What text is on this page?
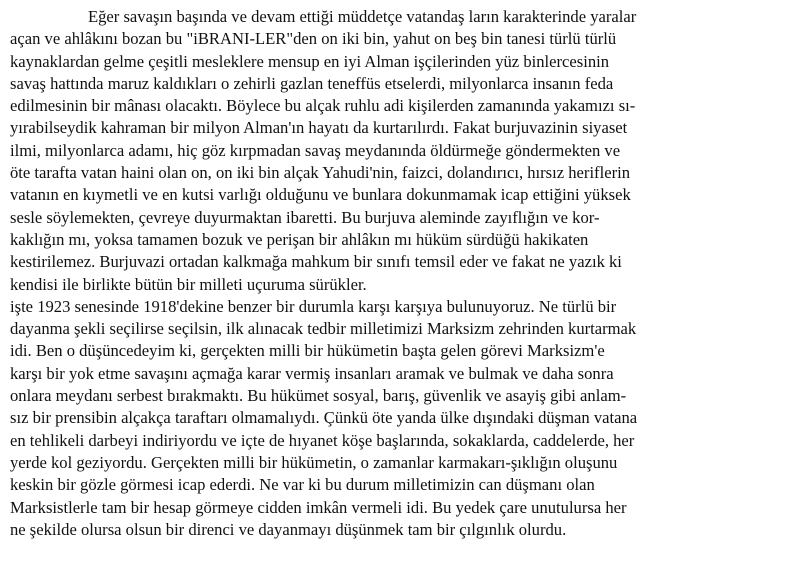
Eğer savaşın başında ve devam ettiği müddetçe vatandaş ların karakterinde yaralar
açan ve ahlâkını bozan bu "iBRANI-LER"den on iki bin, yahut on beş bin tanesi türlü türlü
kaynaklardan gelme çeşitli mesleklere mensup en iyi Alman işçilerinden yüz binlercesinin
savaş hattında maruz kaldıkları o zehirli gazlan teneffüs etselerdi, milyonlarca insanın feda
edilmesinin bir mânası olacaktı. Böylece bu alçak ruhlu adi kişilerden zamanında yakamızı sı-
yırabilseydik kahraman bir milyon Alman'ın hayatı da kurtarılırdı. Fakat burjuvazinin siyaset
ilmi, milyonlarca adamı, hiç göz kırpmadan savaş meydanında öldürmeğe göndermekten ve
öte tarafta vatan haini olan on, on iki bin alçak Yahudi'nin, faizci, dolandırıcı, hırsız heriflerin
vatanın en kıymetli ve en kutsi varlığı olduğunu ve bunlara dokunmamak icap ettiğini yüksek
sesle söylemekten, çevreye duyurmaktan ibaretti. Bu burjuva aleminde zayıflığın ve kor-
kaklığın mı, yoksa tamamen bozuk ve perişan bir ahlâkın mı hüküm sürdüğü hakikaten
kestirilemez. Burjuvazi ortadan kalkmağa mahkum bir sınıfı temsil eder ve fakat ne yazık ki
kendisi ile birlikte bütün bir milleti uçuruma sürükler.
işte 1923 senesinde 1918'dekine benzer bir durumla karşı karşıya bulunuyoruz. Ne türlü bir
dayanma şekli seçilirse seçilsin, ilk alınacak tedbir milletimizi Marksizm zehrinden kurtarmak
idi. Ben o düşüncedeyim ki, gerçekten milli bir hükümetin başta gelen görevi Marksizm'e
karşı bir yok etme savaşını açmağa karar vermiş insanları aramak ve bulmak ve daha sonra
onlara meydanı serbest bırakmaktı. Bu hükümet sosyal, barış, güvenlik ve asayiş gibi anlam-
sız bir prensibin alçakça taraftarı olmamalıydı. Çünkü öte yanda ülke dışındaki düşman vatana
en tehlikeli darbeyi indiriyordu ve içte de hıyanet köşe başlarında, sokaklarda, caddelerde, her
yerde kol geziyordu. Gerçekten milli bir hükümetin, o zamanlar karmakarı-şıklığın oluşunu
keskin bir gözle görmesi icap ederdi. Ne var ki bu durum milletimizin can düşmanı olan
Marksistlerle tam bir hesap görmeye cidden imkân vermeli idi. Bu yedek çare unutulursa her
ne şekilde olursa olsun bir direnci ve dayanmayı düşünmek tam bir çılgınlık olurdu.
